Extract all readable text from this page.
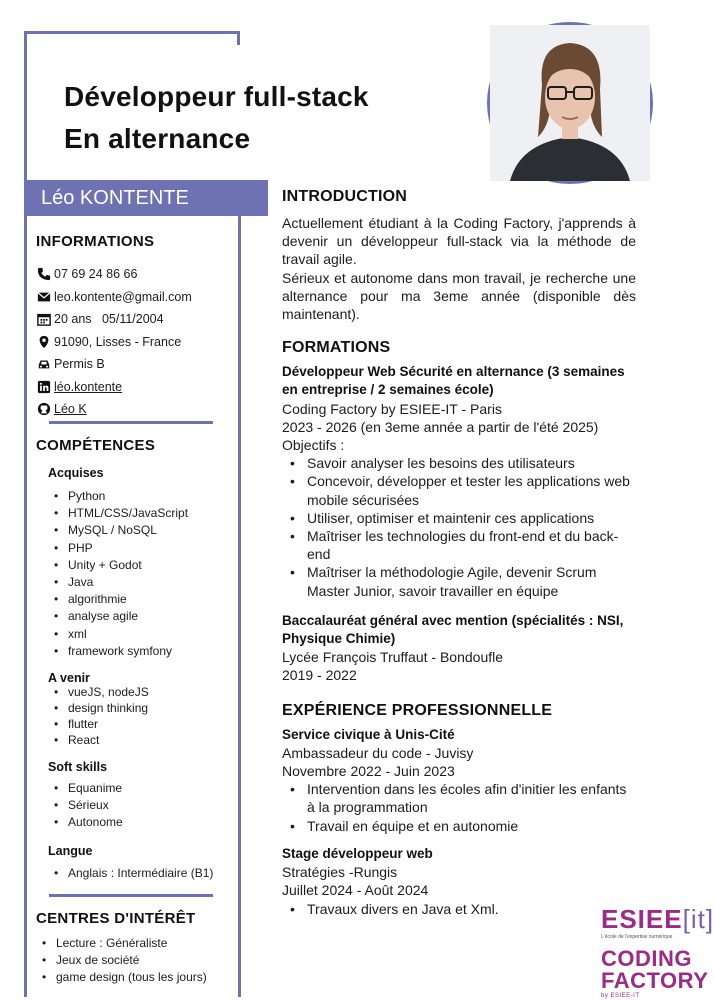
Développeur full-stack
En alternance
Léo KONTENTE
INFORMATIONS
07 69 24 86 66
leo.kontente@gmail.com
20 ans   05/11/2004
91090, Lisses - France
Permis B
léo.kontente
Léo K
COMPÉTENCES
Acquises
• Python
• HTML/CSS/JavaScript
• MySQL / NoSQL
• PHP
• Unity + Godot
• Java
• algorithmie
• analyse agile
• xml
• framework symfony
A venir
• vueJS, nodeJS
• design thinking
• flutter
• React
Soft skills
• Equanime
• Sérieux
• Autonome
Langue
• Anglais : Intermédiaire (B1)
CENTRES D'INTÉRÊT
• Lecture : Généraliste
• Jeux de société
• game design (tous les jours)
INTRODUCTION
Actuellement étudiant à la Coding Factory, j'apprends à devenir un développeur full-stack via la méthode de travail agile.
Sérieux et autonome dans mon travail, je recherche une alternance pour ma 3eme année (disponible dès maintenant).
FORMATIONS
Développeur Web Sécurité en alternance (3 semaines en entreprise / 2 semaines école)
Coding Factory by ESIEE-IT - Paris
2023 - 2026 (en 3eme année a partir de l'été 2025)
Objectifs :
• Savoir analyser les besoins des utilisateurs
• Concevoir, développer et tester les applications web mobile sécurisées
• Utiliser, optimiser et maintenir ces applications
• Maîtriser les technologies du front-end et du back-end
• Maîtriser la méthodologie Agile, devenir Scrum Master Junior, savoir travailler en équipe
Baccalauréat général avec mention (spécialités : NSI, Physique Chimie)
Lycée François Truffaut - Bondoufle
2019 - 2022
EXPÉRIENCE PROFESSIONNELLE
Service civique à Unis-Cité
Ambassadeur du code - Juvisy
Novembre 2022 - Juin 2023
• Intervention dans les écoles afin d'initier les enfants à la programmation
• Travail en équipe et en autonomie
Stage développeur web
Stratégies -Rungis
Juillet 2024 - Août 2024
• Travaux divers en Java et Xml.	ESIEE[it]
L'école de l'expertise numérique
CODING
FACTORY
by ESIEE-IT
